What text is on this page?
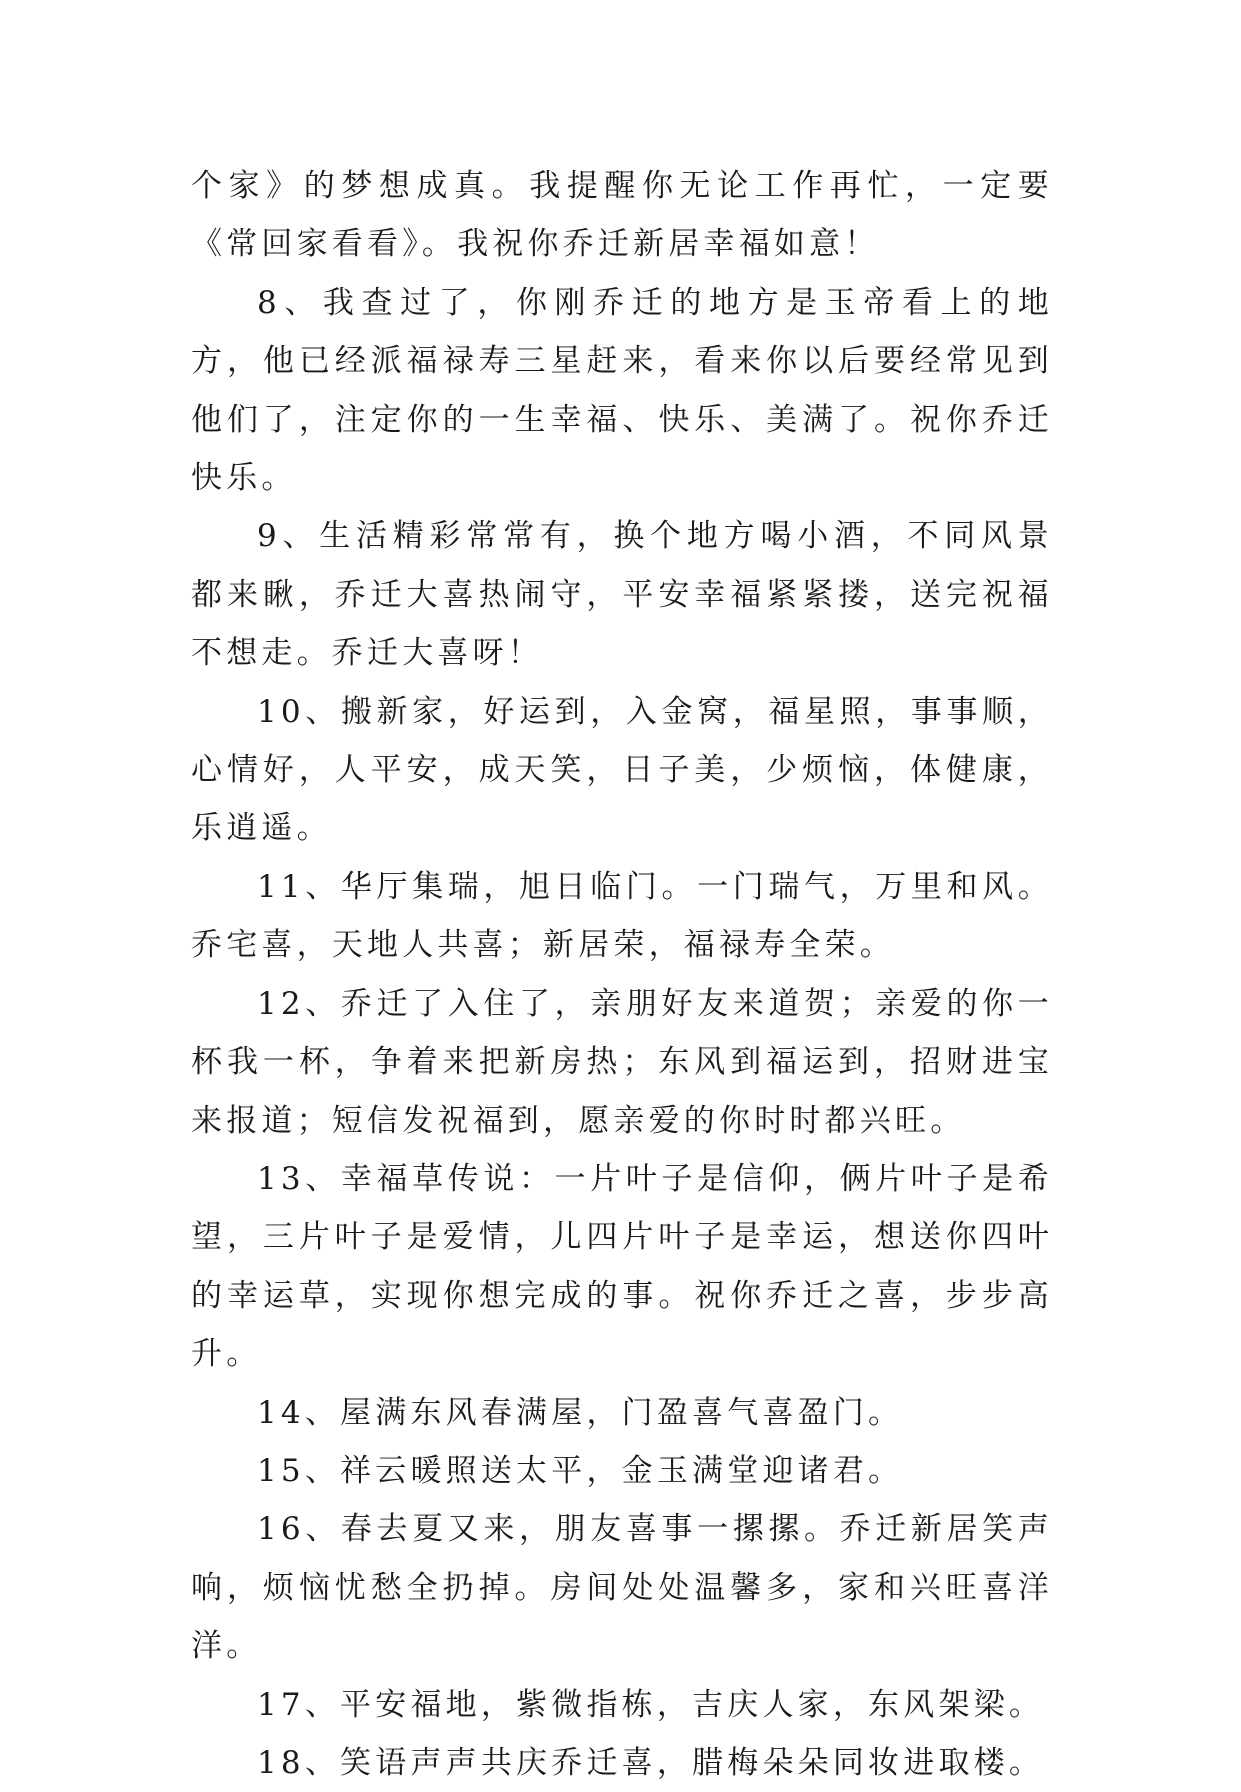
个家》的梦想成真。我提醒你无论工作再忙，一定要《常回家看看》。我祝你乔迁新居幸福如意！

8、我查过了，你刚乔迁的地方是玉帝看上的地方，他已经派福禄寿三星赶来，看来你以后要经常见到他们了，注定你的一生幸福、快乐、美满了。祝你乔迁快乐。

9、生活精彩常常有，换个地方喝小酒，不同风景都来瞅，乔迁大喜热闹守，平安幸福紧紧搂，送完祝福不想走。乔迁大喜呀！

10、搬新家，好运到，入金窝，福星照，事事顺，心情好，人平安，成天笑，日子美，少烦恼，体健康，乐逍遥。

11、华厅集瑞，旭日临门。一门瑞气，万里和风。乔宅喜，天地人共喜；新居荣，福禄寿全荣。

12、乔迁了入住了，亲朋好友来道贺；亲爱的你一杯我一杯，争着来把新房热；东风到福运到，招财进宝来报道；短信发祝福到，愿亲爱的你时时都兴旺。

13、幸福草传说：一片叶子是信仰，俩片叶子是希望，三片叶子是爱情，儿四片叶子是幸运，想送你四叶的幸运草，实现你想完成的事。祝你乔迁之喜，步步高升。

14、屋满东风春满屋，门盈喜气喜盈门。

15、祥云暖照送太平，金玉满堂迎诸君。

16、春去夏又来，朋友喜事一摞摞。乔迁新居笑声响，烦恼忧愁全扔掉。房间处处温馨多，家和兴旺喜洋洋。

17、平安福地，紫微指栋，吉庆人家，东风架梁。

18、笑语声声共庆乔迁喜，腊梅朵朵同妆进取楼。
